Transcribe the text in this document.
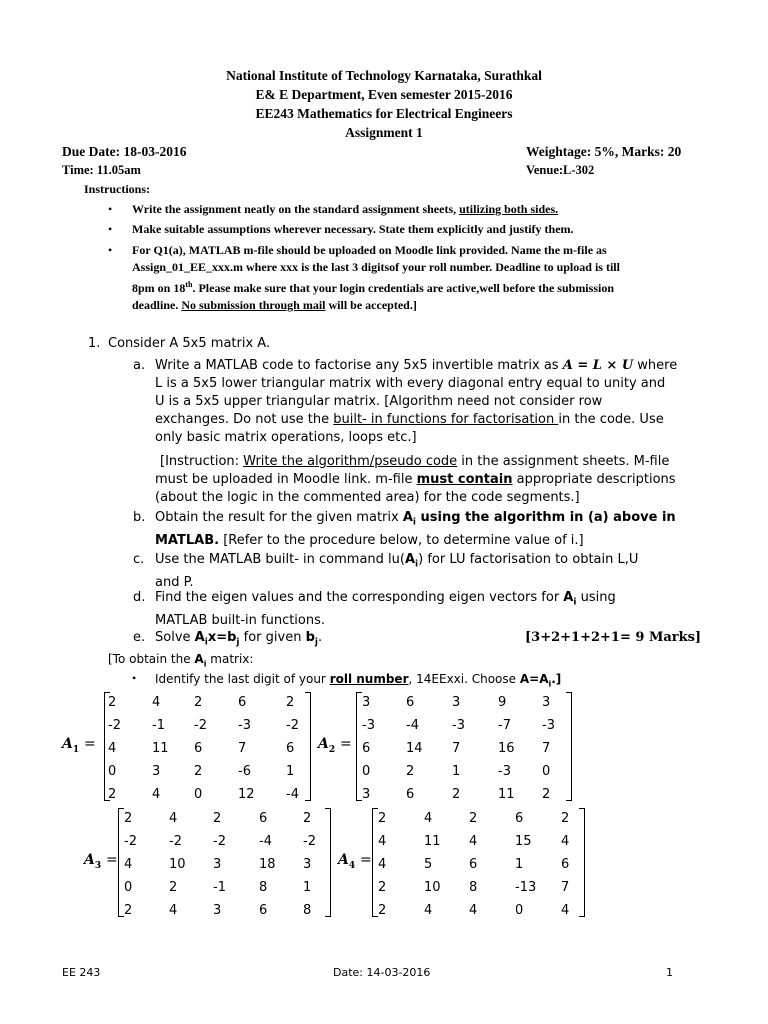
National Institute of Technology Karnataka, Surathkal
E& E Department, Even semester 2015-2016
EE243 Mathematics for Electrical Engineers
Assignment 1
Due Date: 18-03-2016
Time: 11.05am
Weightage: 5%, Marks: 20
Venue:L-302
Instructions:
• Write the assignment neatly on the standard assignment sheets, utilizing both sides.
• Make suitable assumptions wherever necessary. State them explicitly and justify them.
• For Q1(a), MATLAB m-file should be uploaded on Moodle link provided. Name the m-file as
Assign_01_EE_xxx.m where xxx is the last 3 digitsof your roll number. Deadline to upload is till
8pm on 18th. Please make sure that your login credentials are active,well before the submission
deadline. No submission through mail will be accepted.]
1. Consider A 5x5 matrix A.
a. Write a MATLAB code to factorise any 5x5 invertible matrix as A = L × U where
L is a 5x5 lower triangular matrix with every diagonal entry equal to unity and
U is a 5x5 upper triangular matrix. [Algorithm need not consider row
exchanges. Do not use the built- in functions for factorisation in the code. Use
only basic matrix operations, loops etc.]
[Instruction: Write the algorithm/pseudo code in the assignment sheets. M-file
must be uploaded in Moodle link. m-file must contain appropriate descriptions
(about the logic in the commented area) for the code segments.]
b. Obtain the result for the given matrix $A_i$ using the algorithm in (a) above in
MATLAB. [Refer to the procedure below, to determine value of i.]
c. Use the MATLAB built- in command $lu(A_i)$ for LU factorisation to obtain L,U
and P.
d. Find the eigen values and the corresponding eigen vectors for $A_i$ using
MATLAB built-in functions.
e. Solve $A_ix=b_j$ for given $b_j$.	[3+2+1+2+1= 9 Marks]
[To obtain the $A_i$ matrix:
• Identify the last digit of your roll number, 14EExxi. Choose $A=A_i$.]
$A_1$ =
2	4	2	6	2
-2	-1	-2	-3	-2
4	11	6	7	6
0	3	2	-6	1
2	4	0	12	-4
$A_2$ =
3	6	3	9	3
-3	-4	-3	-7	-3
6	14	7	16	7
0	2	1	-3	0
3	6	2	11	2
$A_3$ =
2	4	2	6	2
-2	-2	-2	-4	-2
4	10	3	18	3
0	2	-1	8	1
2	4	3	6	8
$A_4$ =
2	4	2	6	2
4	11	4	15	4
4	5	6	1	6
2	10	8	-13	7
2	4	4	0	4
EE 243	Date: 14-03-2016	1
